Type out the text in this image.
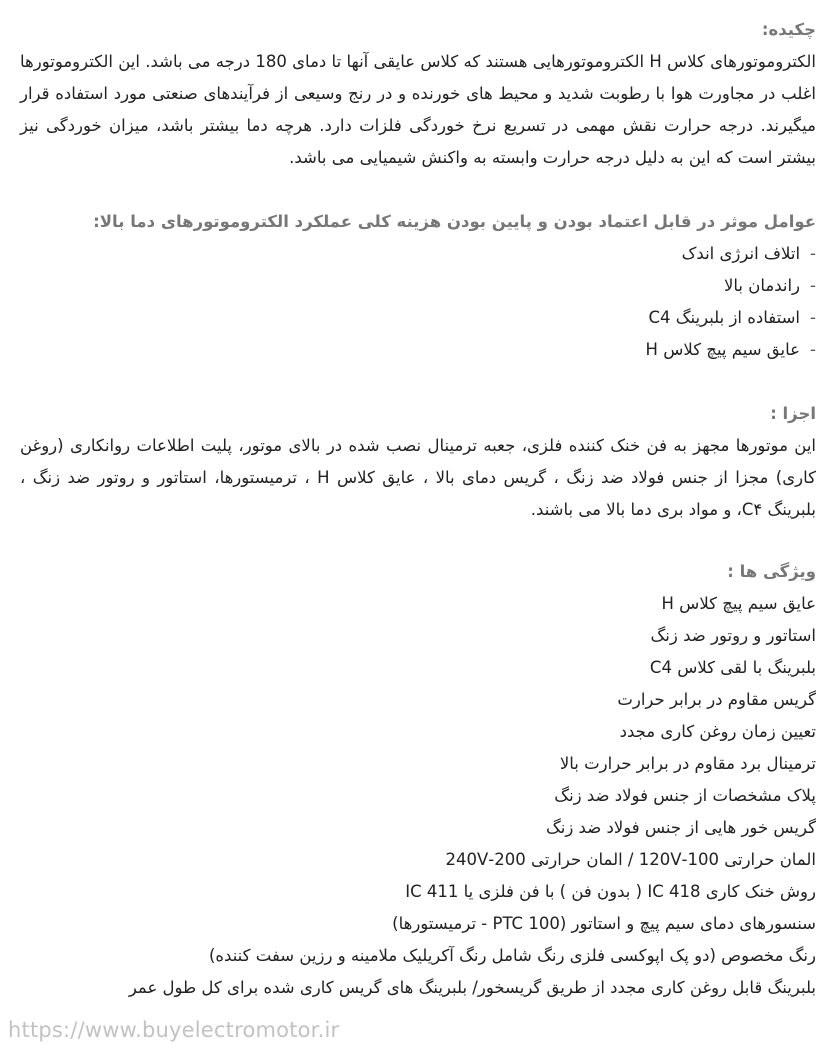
چکیده:

الکتروموتورهای کلاس H الکتروموتورهایی هستند که کلاس عایقی آنها تا دمای 180 درجه می باشد. این الکتروموتورها اغلب در مجاورت هوا با رطوبت شدید و محیط های خورنده و در رنج وسیعی از فرآیندهای صنعتی مورد استفاده قرار میگیرند. درجه حرارت نقش مهمی در تسریع نرخ خوردگی فلزات دارد. هرچه دما بیشتر باشد، میزان خوردگی نیز بیشتر است که این به دلیل درجه حرارت وابسته به واکنش شیمیایی می باشد.

عوامل موثر در قابل اعتماد بودن و پایین بودن هزینه کلی عملکرد الکتروموتورهای دما بالا:
-اتلاف انرژی اندک
-راندمان بالا
-استفاده از بلبرینگ C4
-عایق سیم پیچ کلاس H
اجزا :

این موتورها مجهز به فن خنک کننده فلزی، جعبه ترمینال نصب شده در بالای موتور، پلیت اطلاعات روانکاری (روغن کاری) مجزا از جنس فولاد ضد زنگ ، گریس دمای بالا ، عایق کلاس H ، ترمیستورها، استاتور و روتور ضد زنگ ، بلبرینگ C۴، و مواد بری دما بالا می باشند.

ویژگی ها :
عایق سیم پیچ کلاس H
استاتور و روتور ضد زنگ
بلبرینگ با لقی کلاس C4
گریس مقاوم در برابر حرارت
تعیین زمان روغن کاری مجدد
ترمینال برد مقاوم در برابر حرارت بالا
پلاک مشخصات از جنس فولاد ضد زنگ
گریس خور هایی از جنس فولاد ضد زنگ
المان حرارتی 100-120V / المان حرارتی 200-240V
روش خنک کاری IC 418 ( بدون فن ) با فن فلزی یا IC 411
سنسورهای دمای سیم پیچ و استاتور (PTC 100 - ترمیستورها)
رنگ مخصوص (دو پک اپوکسی فلزی رنگ شامل رنگ آکریلیک ملامینه و رزین سفت کننده)
بلبرینگ قابل روغن کاری مجدد از طریق گریسخور/ بلبرینگ های گریس کاری شده برای کل طول عمر
https://www.buyelectromotor.ir
